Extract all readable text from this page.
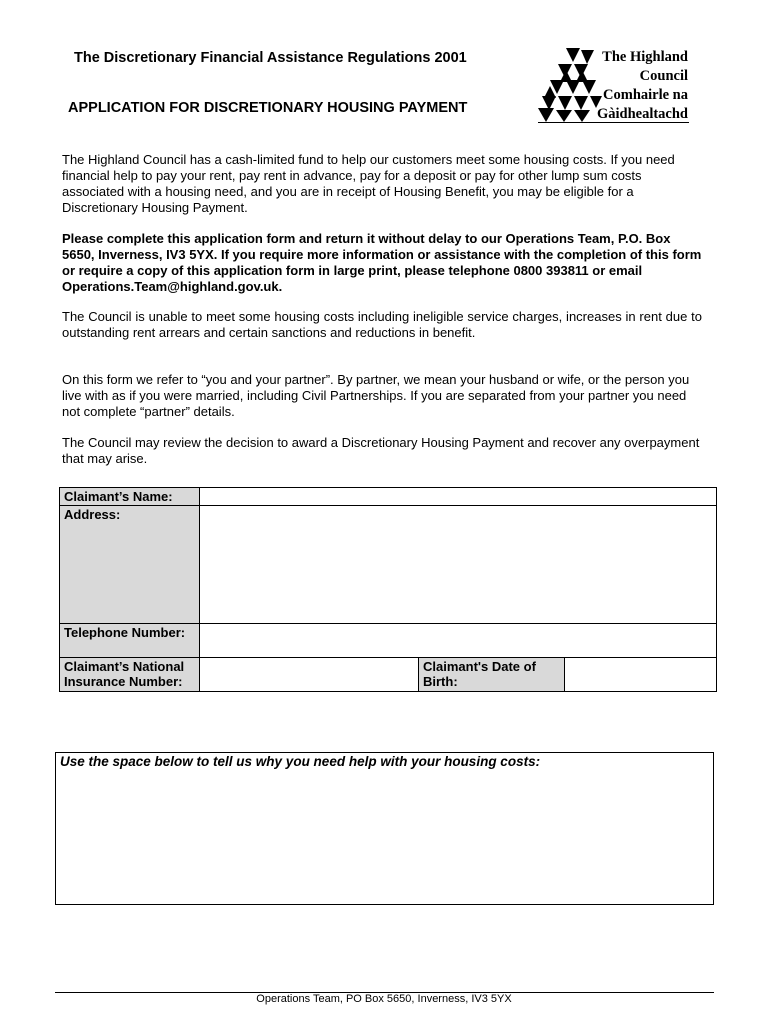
The Discretionary Financial Assistance Regulations 2001
APPLICATION FOR DISCRETIONARY HOUSING PAYMENT
The Highland
Council
Comhairle na
Gàidhealtachd
The Highland Council has a cash-limited fund to help our customers meet some housing costs. If you need financial help to pay your rent, pay rent in advance, pay for a deposit or pay for other lump sum costs associated with a housing need, and you are in receipt of Housing Benefit, you may be eligible for a Discretionary Housing Payment.
Please complete this application form and return it without delay to our Operations Team, P.O. Box 5650, Inverness, IV3 5YX. If you require more information or assistance with the completion of this form or require a copy of this application form in large print, please telephone 0800 393811 or email Operations.Team@highland.gov.uk.
The Council is unable to meet some housing costs including ineligible service charges, increases in rent due to outstanding rent arrears and certain sanctions and reductions in benefit.
On this form we refer to “you and your partner”. By partner, we mean your husband or wife, or the person you live with as if you were married, including Civil Partnerships. If you are separated from your partner you need not complete “partner” details.
The Council may review the decision to award a Discretionary Housing Payment and recover any overpayment that may arise.
Claimant’s Name:			
Address:			
Telephone Number:			
Claimant’s National Insurance Number:		Claimant's Date of Birth:	
Use the space below to tell us why you need help with your housing costs:
Operations Team, PO Box 5650, Inverness, IV3 5YX
